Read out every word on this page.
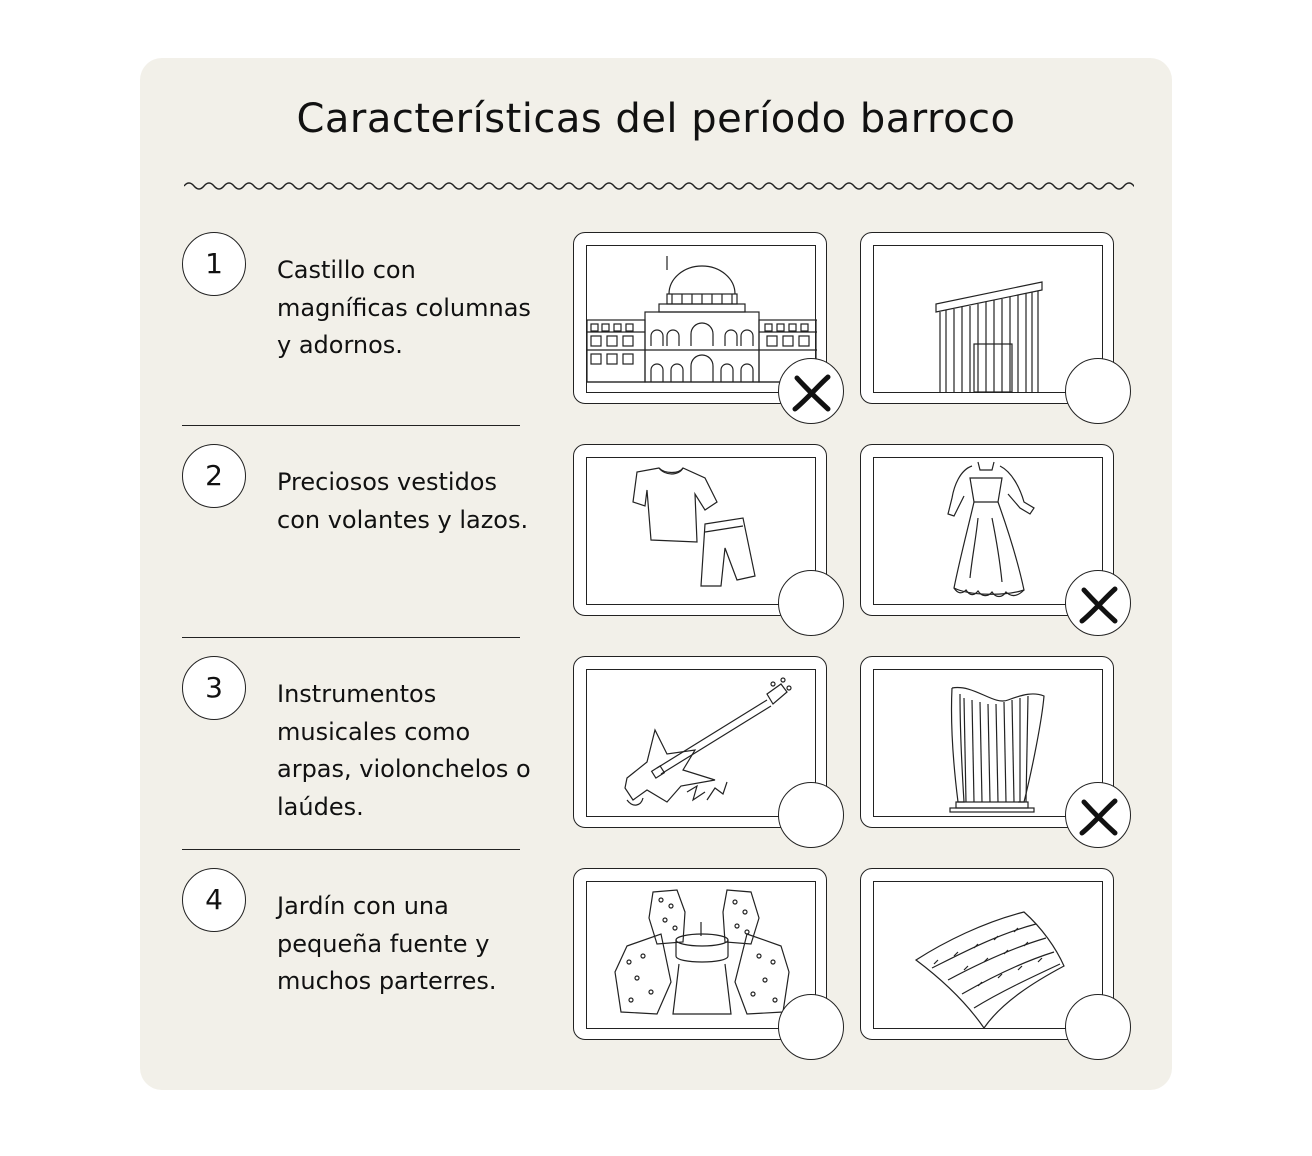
Características del período barroco
1	Castillo con magníficas columnas y adornos.
2	Preciosos vestidos con volantes y lazos.
3	Instrumentos musicales como arpas, violonchelos o laúdes.
4	Jardín con una pequeña fuente y muchos parterres.
